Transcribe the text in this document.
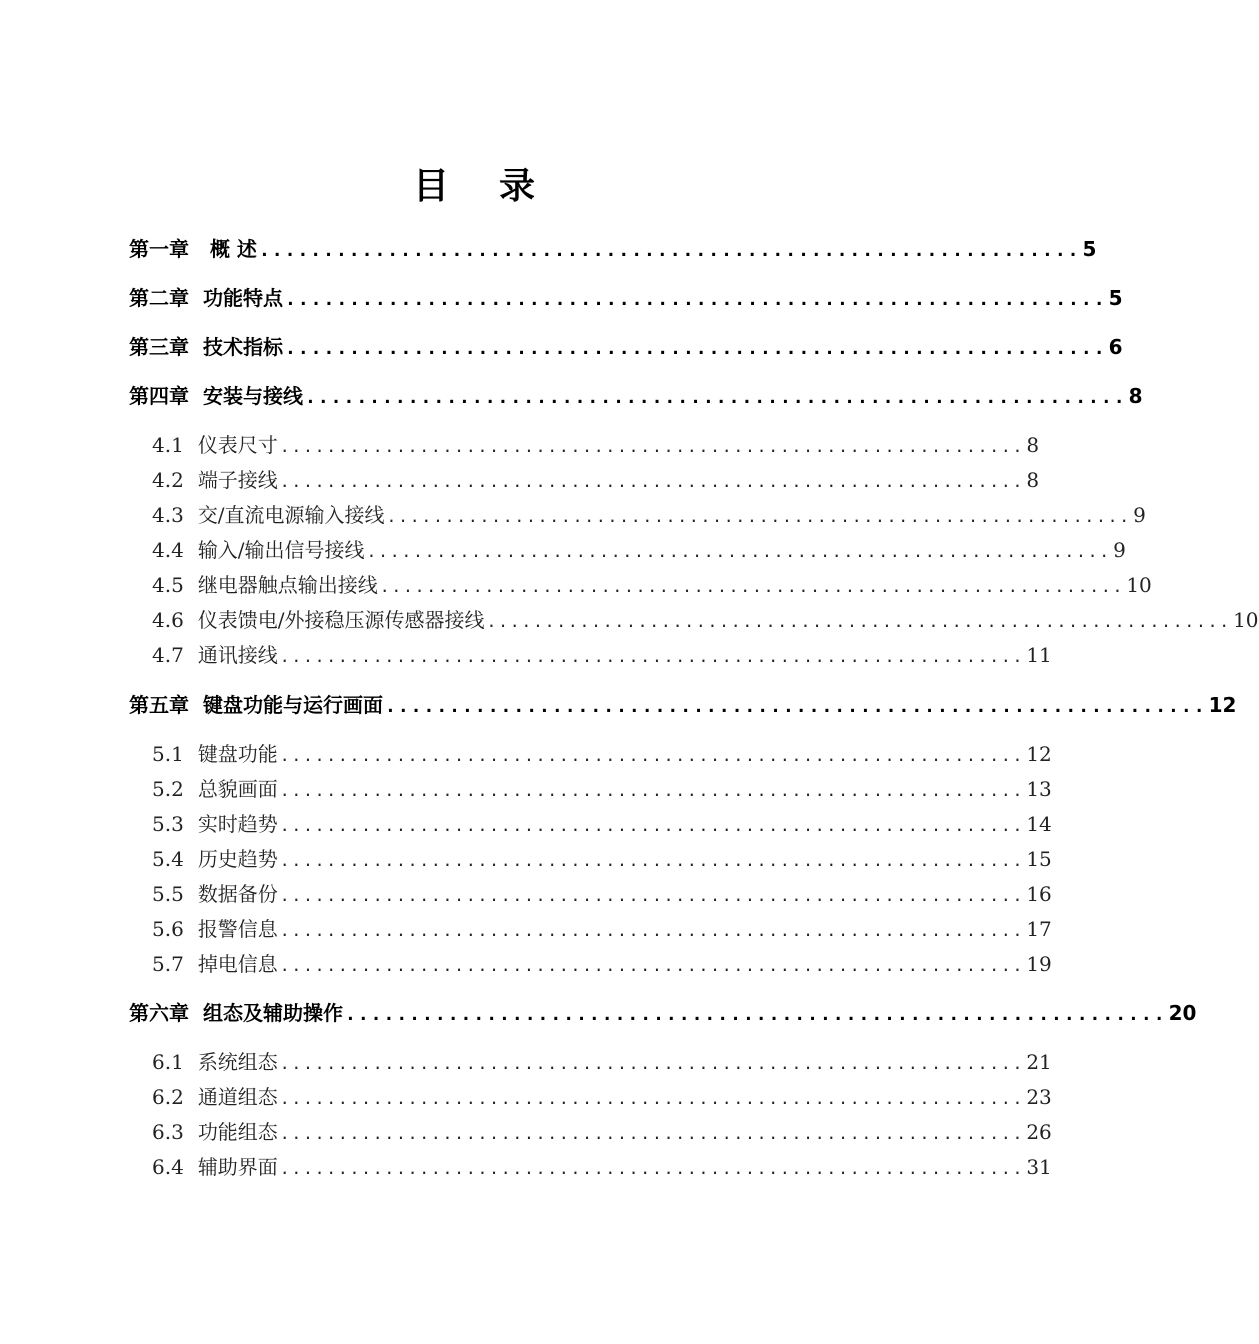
目 录
第一章 概 述 ................................................................ 5
第二章 功能特点 ................................................................ 5
第三章 技术指标 ................................................................ 6
第四章 安装与接线 ................................................................ 8
4.1 仪表尺寸 ................................................................ 8
4.2 端子接线 ................................................................ 8
4.3 交/直流电源输入接线 ................................................................ 9
4.4 输入/输出信号接线 ................................................................ 9
4.5 继电器触点输出接线 ................................................................ 10
4.6 仪表馈电/外接稳压源传感器接线 ................................................................ 10
4.7 通讯接线 ................................................................ 11
第五章 键盘功能与运行画面 ................................................................ 12
5.1 键盘功能 ................................................................ 12
5.2 总貌画面 ................................................................ 13
5.3 实时趋势 ................................................................ 14
5.4 历史趋势 ................................................................ 15
5.5 数据备份 ................................................................ 16
5.6 报警信息 ................................................................ 17
5.7 掉电信息 ................................................................ 19
第六章 组态及辅助操作 ................................................................ 20
6.1 系统组态 ................................................................ 21
6.2 通道组态 ................................................................ 23
6.3 功能组态 ................................................................ 26
6.4 辅助界面 ................................................................ 31
